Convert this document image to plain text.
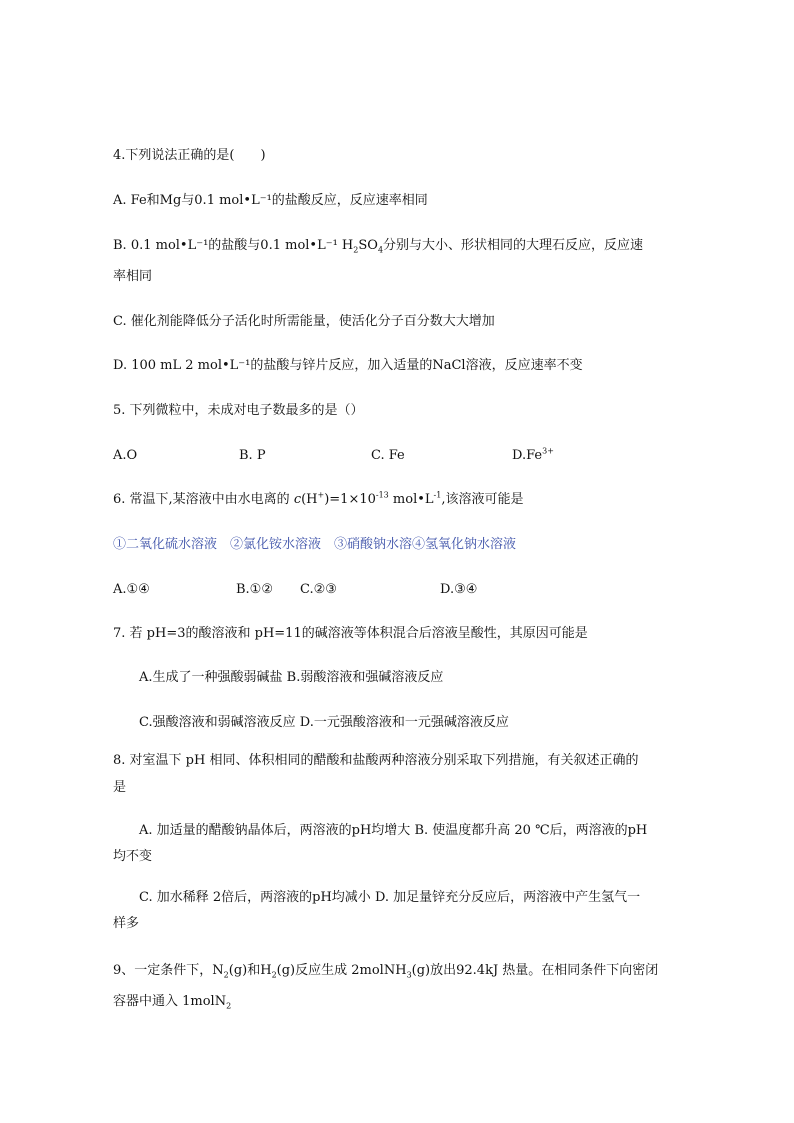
4.下列说法正确的是(　　)
A. Fe和Mg与0.1 mol•L⁻¹的盐酸反应，反应速率相同
B. 0.1 mol•L⁻¹的盐酸与0.1 mol•L⁻¹ $H_2SO_4$分别与大小、形状相同的大理石反应，反应速
率相同
C. 催化剂能降低分子活化时所需能量，使活化分子百分数大大增加
D. 100 mL 2 mol•L⁻¹的盐酸与锌片反应，加入适量的NaCl溶液，反应速率不变
5. 下列微粒中，未成对电子数最多的是（）
A.O	B. P	C. Fe	$D.Fe^{3+}$
6. 常温下,某溶液中由水电离的 $c(H^+)=1\times 10^{-13}$ $mol•L^{-1}$,该溶液可能是
①二氧化硫水溶液　②氯化铵水溶液　③硝酸钠水溶④氢氧化钠水溶液
A.①④	B.①② C.②③	D.③④
7. 若 pH=3的酸溶液和 pH=11的碱溶液等体积混合后溶液呈酸性，其原因可能是
A.生成了一种强酸弱碱盐 B.弱酸溶液和强碱溶液反应
C.强酸溶液和弱碱溶液反应 D.一元强酸溶液和一元强碱溶液反应
8. 对室温下 pH 相同、体积相同的醋酸和盐酸两种溶液分别采取下列措施，有关叙述正确的
是
A. 加适量的醋酸钠晶体后，两溶液的pH均增大 B. 使温度都升高 20 ℃后，两溶液的pH
均不变
C. 加水稀释 2倍后，两溶液的pH均减小 D. 加足量锌充分反应后，两溶液中产生氢气一
样多
9、一定条件下，$N_2(g)$和$H_2(g)$反应生成 2molNH$_3$(g)放出92.4kJ 热量。在相同条件下向密闭
容器中通入 1molN$_2$
